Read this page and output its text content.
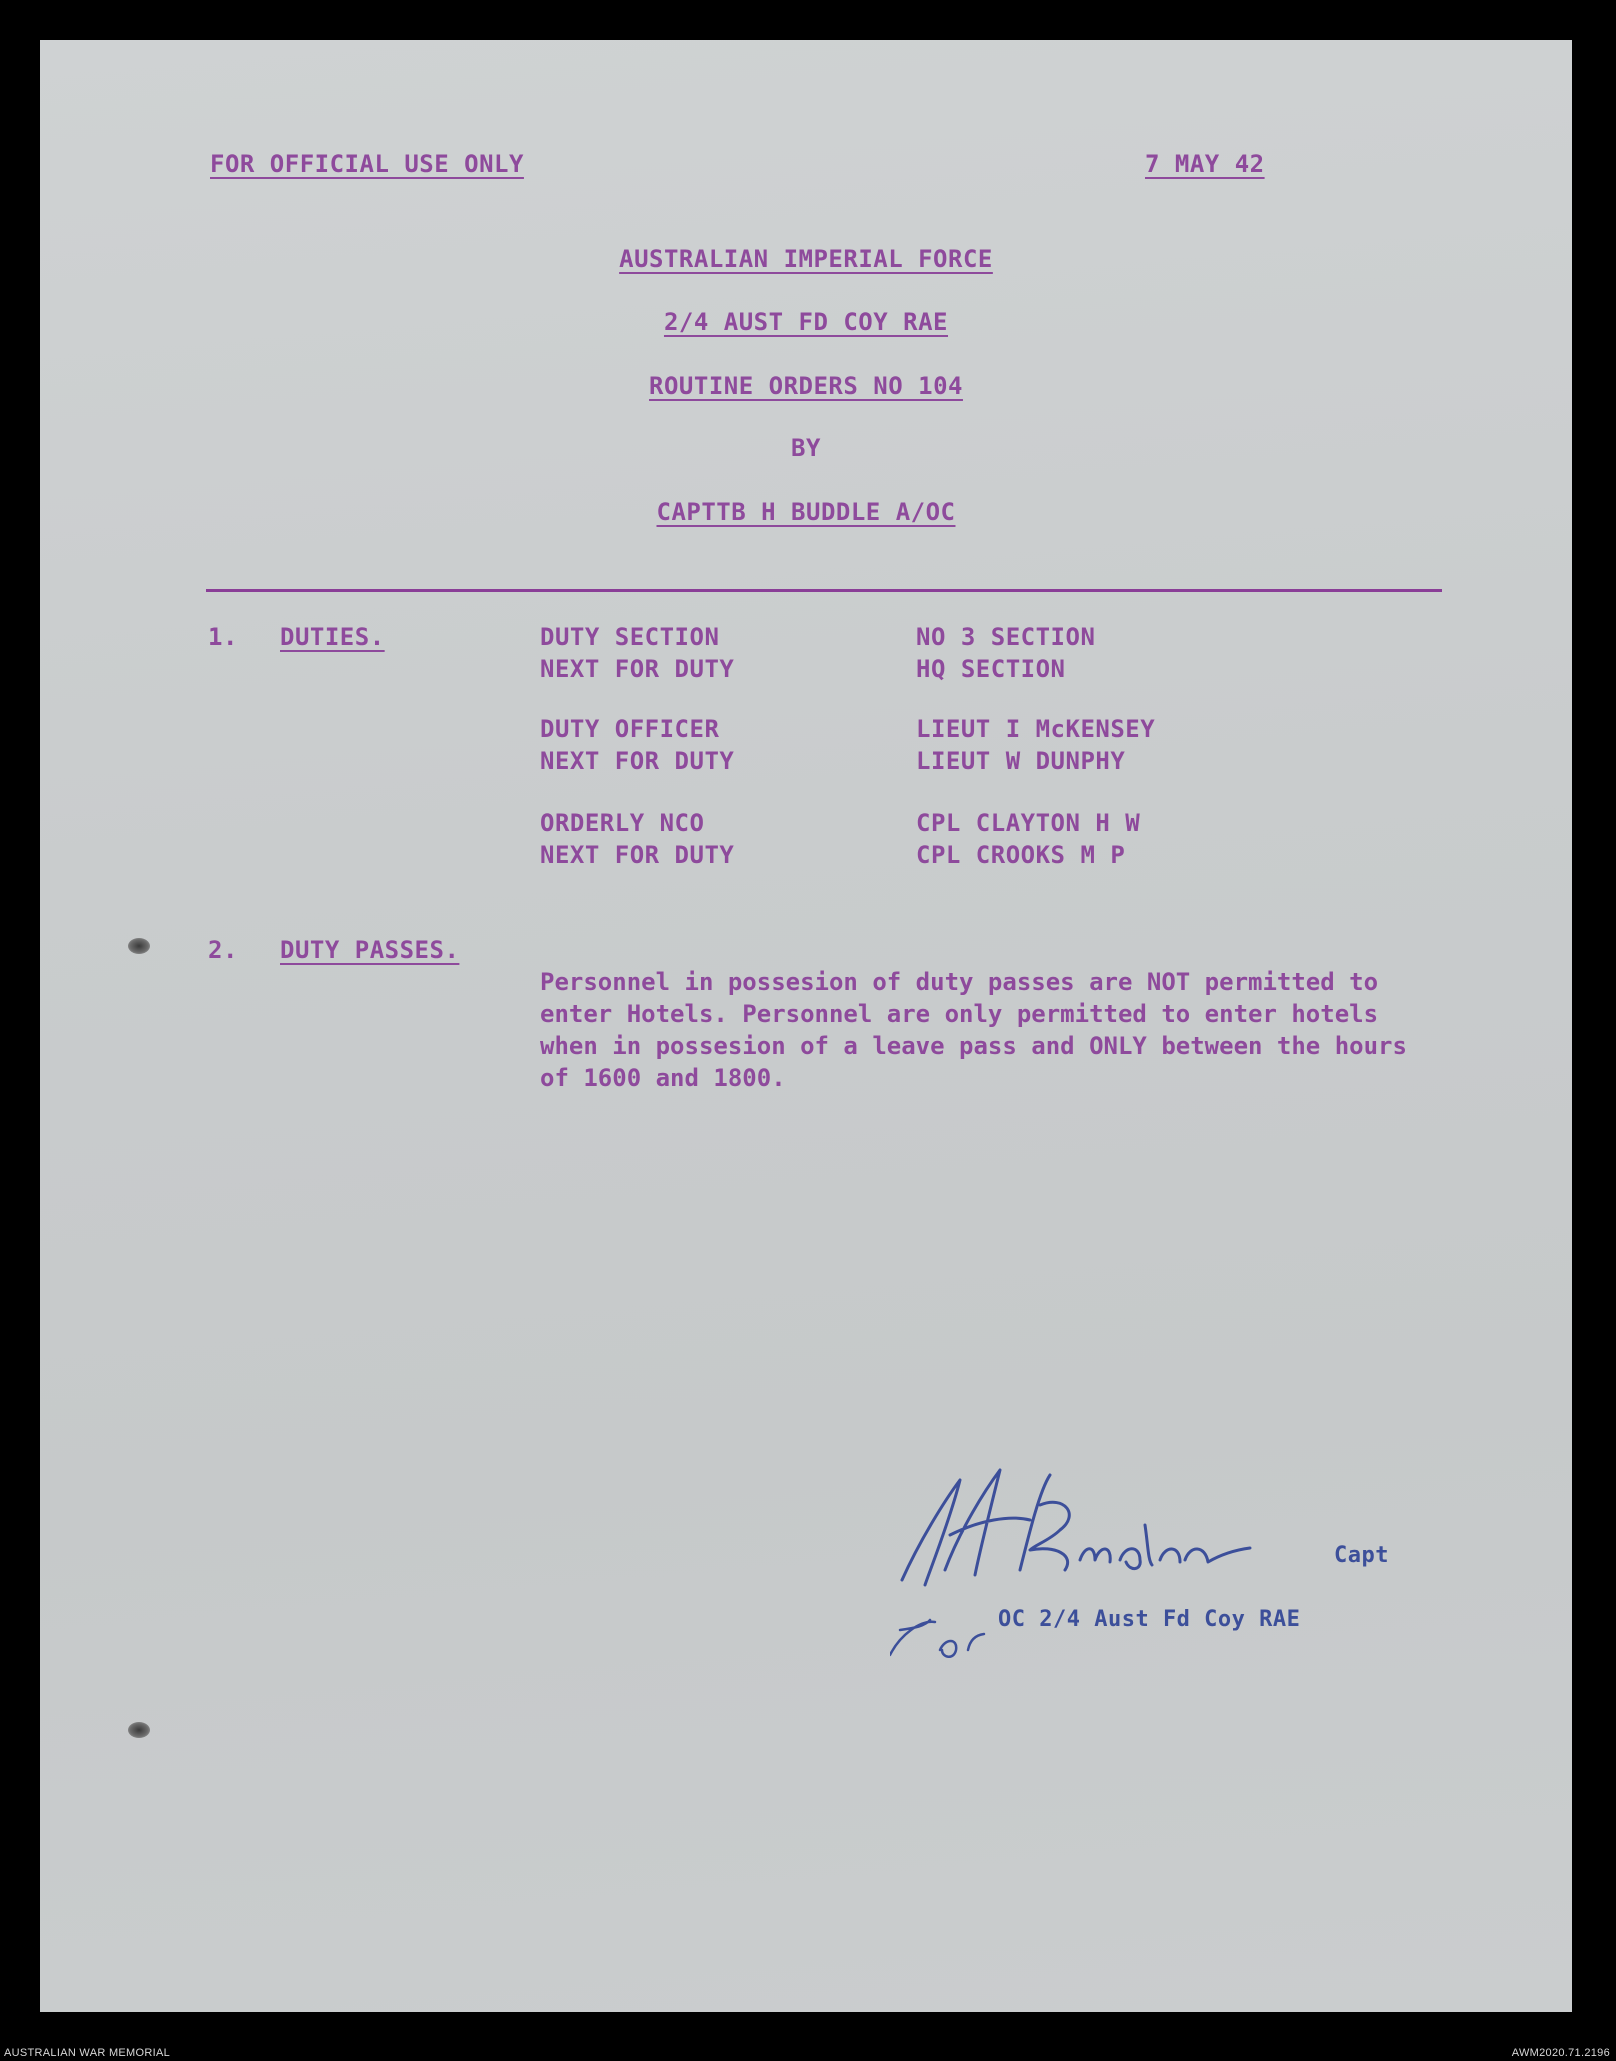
FOR OFFICIAL USE ONLY	7 MAY 42
AUSTRALIAN IMPERIAL FORCE
2/4 AUST FD COY RAE
ROUTINE ORDERS NO 104
BY
CAPTTB H BUDDLE A/OC
1. DUTIES.	DUTY SECTION	NO 3 SECTION
NEXT FOR DUTY	HQ SECTION
DUTY OFFICER	LIEUT I McKENSEY
NEXT FOR DUTY	LIEUT W DUNPHY
ORDERLY NCO	CPL CLAYTON H W
NEXT FOR DUTY	CPL CROOKS M P
2. DUTY PASSES.
Personnel in possesion of duty passes are NOT permitted to enter Hotels. Personnel are only permitted to enter hotels when in possesion of a leave pass and ONLY between the hours of 1600 and 1800.
Capt
OC 2/4 Aust Fd Coy RAE
AUSTRALIAN WAR MEMORIAL	AWM2020.71.2196
